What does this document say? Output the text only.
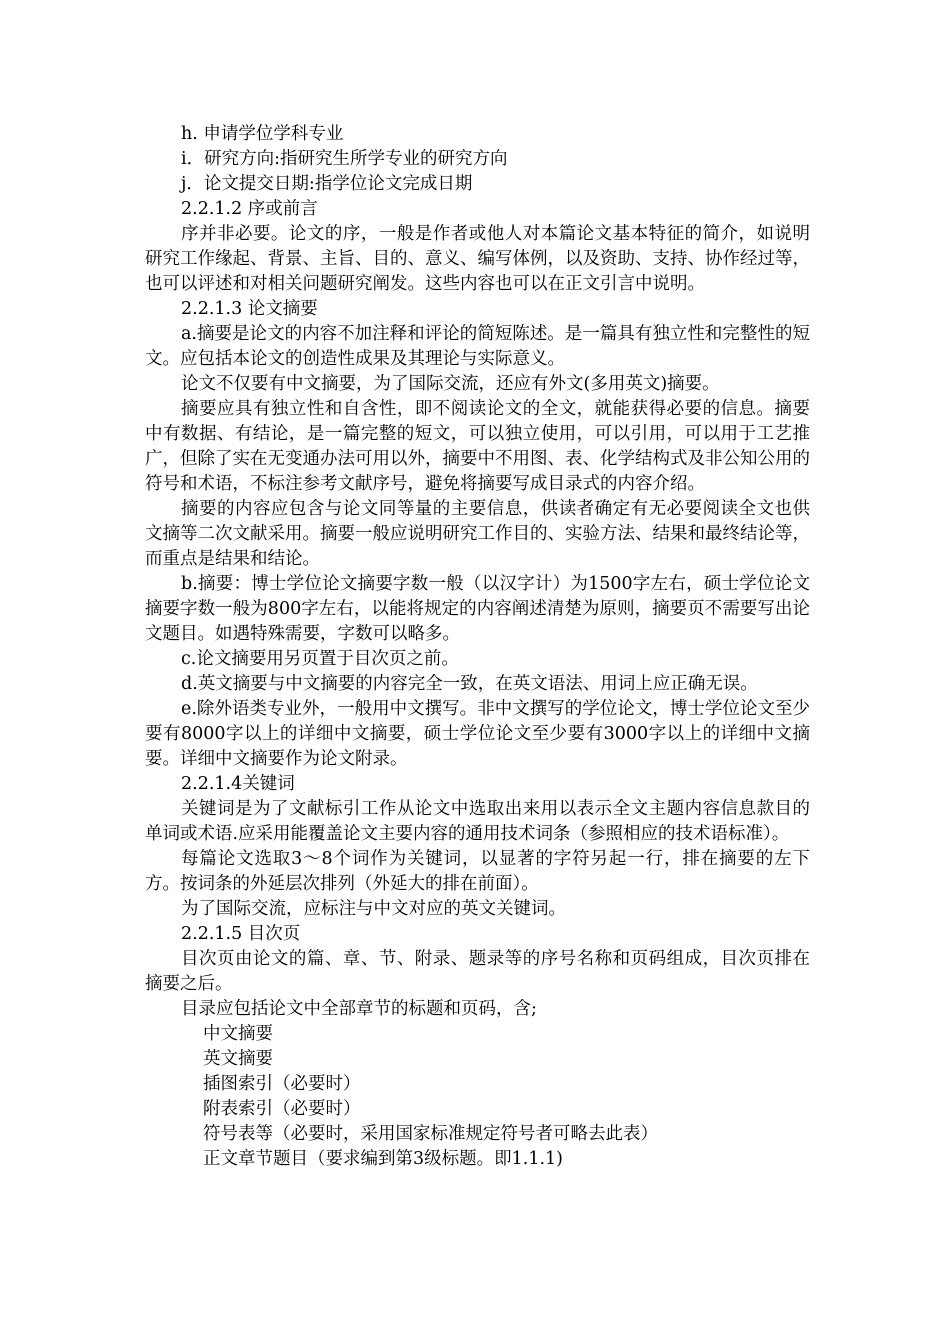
h. 申请学位学科专业

i．研究方向:指研究生所学专业的研究方向

j．论文提交日期:指学位论文完成日期

2.2.1.2 序或前言

序并非必要。论文的序，一般是作者或他人对本篇论文基本特征的简介，如说明研究工作缘起、背景、主旨、目的、意义、编写体例，以及资助、支持、协作经过等，也可以评述和对相关问题研究阐发。这些内容也可以在正文引言中说明。

2.2.1.3 论文摘要

a.摘要是论文的内容不加注释和评论的简短陈述。是一篇具有独立性和完整性的短文。应包括本论文的创造性成果及其理论与实际意义。

论文不仅要有中文摘要，为了国际交流，还应有外文(多用英文)摘要。

摘要应具有独立性和自含性，即不阅读论文的全文，就能获得必要的信息。摘要中有数据、有结论，是一篇完整的短文，可以独立使用，可以引用，可以用于工艺推广，但除了实在无变通办法可用以外，摘要中不用图、表、化学结构式及非公知公用的符号和术语，不标注参考文献序号，避免将摘要写成目录式的内容介绍。

摘要的内容应包含与论文同等量的主要信息，供读者确定有无必要阅读全文也供文摘等二次文献采用。摘要一般应说明研究工作目的、实验方法、结果和最终结论等，而重点是结果和结论。

b.摘要：博士学位论文摘要字数一般（以汉字计）为1500字左右，硕士学位论文摘要字数一般为800字左右，以能将规定的内容阐述清楚为原则，摘要页不需要写出论文题目。如遇特殊需要，字数可以略多。

c.论文摘要用另页置于目次页之前。

d.英文摘要与中文摘要的内容完全一致，在英文语法、用词上应正确无误。

e.除外语类专业外，一般用中文撰写。非中文撰写的学位论文，博士学位论文至少要有8000字以上的详细中文摘要，硕士学位论文至少要有3000字以上的详细中文摘要。详细中文摘要作为论文附录。

2.2.1.4关键词

关键词是为了文献标引工作从论文中选取出来用以表示全文主题内容信息款目的单词或术语.应采用能覆盖论文主要内容的通用技术词条（参照相应的技术语标准）。

每篇论文选取3～8个词作为关键词，以显著的字符另起一行，排在摘要的左下方。按词条的外延层次排列（外延大的排在前面）。

为了国际交流，应标注与中文对应的英文关键词。

2.2.1.5 目次页

目次页由论文的篇、章、节、附录、题录等的序号名称和页码组成，目次页排在摘要之后。

目录应包括论文中全部章节的标题和页码，含;

中文摘要

英文摘要

插图索引（必要时）

附表索引（必要时）

符号表等（必要时，采用国家标准规定符号者可略去此表）

正文章节题目（要求编到第3级标题。即1.1.1)
